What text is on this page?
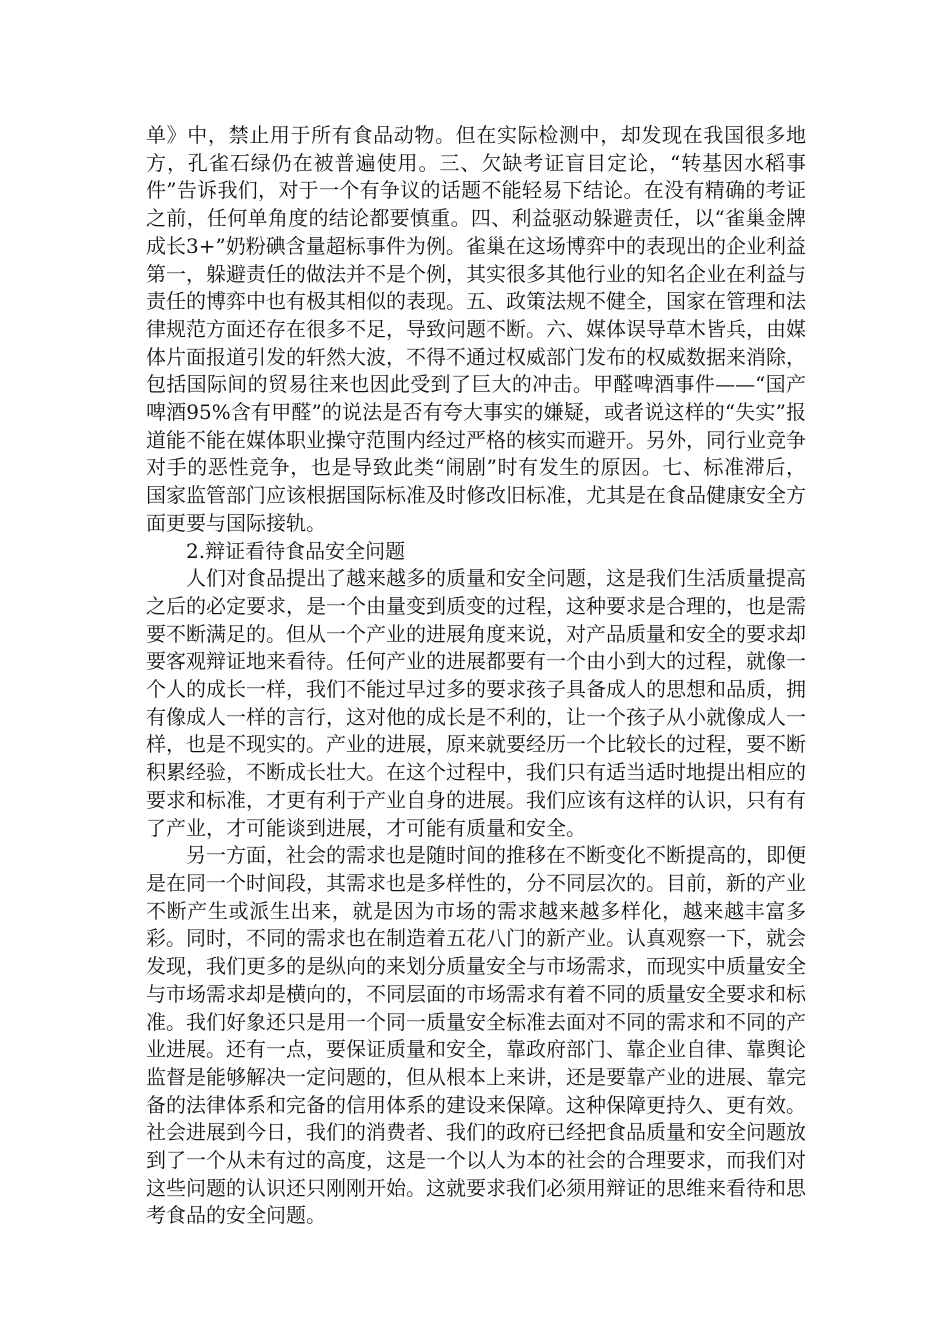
单》中，禁止用于所有食品动物。但在实际检测中，却发现在我国很多地方，孔雀石绿仍在被普遍使用。三、欠缺考证盲目定论，“转基因水稻事件”告诉我们，对于一个有争议的话题不能轻易下结论。在没有精确的考证之前，任何单角度的结论都要慎重。四、利益驱动躲避责任，以“雀巢金牌成长3+”奶粉碘含量超标事件为例。雀巢在这场博弈中的表现出的企业利益第一，躲避责任的做法并不是个例，其实很多其他行业的知名企业在利益与责任的博弈中也有极其相似的表现。五、政策法规不健全，国家在管理和法律规范方面还存在很多不足，导致问题不断。六、媒体误导草木皆兵，由媒体片面报道引发的轩然大波，不得不通过权威部门发布的权威数据来消除，包括国际间的贸易往来也因此受到了巨大的冲击。甲醛啤酒事件——“国产啤酒95%含有甲醛”的说法是否有夸大事实的嫌疑，或者说这样的“失实”报道能不能在媒体职业操守范围内经过严格的核实而避开。另外，同行业竞争对手的恶性竞争，也是导致此类“闹剧”时有发生的原因。七、标准滞后，国家监管部门应该根据国际标准及时修改旧标准，尤其是在食品健康安全方面更要与国际接轨。

2.辩证看待食品安全问题

人们对食品提出了越来越多的质量和安全问题，这是我们生活质量提高之后的必定要求，是一个由量变到质变的过程，这种要求是合理的，也是需要不断满足的。但从一个产业的进展角度来说，对产品质量和安全的要求却要客观辩证地来看待。任何产业的进展都要有一个由小到大的过程，就像一个人的成长一样，我们不能过早过多的要求孩子具备成人的思想和品质，拥有像成人一样的言行，这对他的成长是不利的，让一个孩子从小就像成人一样，也是不现实的。产业的进展，原来就要经历一个比较长的过程，要不断积累经验，不断成长壮大。在这个过程中，我们只有适当适时地提出相应的要求和标准，才更有利于产业自身的进展。我们应该有这样的认识，只有有了产业，才可能谈到进展，才可能有质量和安全。

另一方面，社会的需求也是随时间的推移在不断变化不断提高的，即便是在同一个时间段，其需求也是多样性的，分不同层次的。目前，新的产业不断产生或派生出来，就是因为市场的需求越来越多样化，越来越丰富多彩。同时，不同的需求也在制造着五花八门的新产业。认真观察一下，就会发现，我们更多的是纵向的来划分质量安全与市场需求，而现实中质量安全与市场需求却是横向的，不同层面的市场需求有着不同的质量安全要求和标准。我们好象还只是用一个同一质量安全标准去面对不同的需求和不同的产业进展。还有一点，要保证质量和安全，靠政府部门、靠企业自律、靠舆论监督是能够解决一定问题的，但从根本上来讲，还是要靠产业的进展、靠完备的法律体系和完备的信用体系的建设来保障。这种保障更持久、更有效。社会进展到今日，我们的消费者、我们的政府已经把食品质量和安全问题放到了一个从未有过的高度，这是一个以人为本的社会的合理要求，而我们对这些问题的认识还只刚刚开始。这就要求我们必须用辩证的思维来看待和思考食品的安全问题。
